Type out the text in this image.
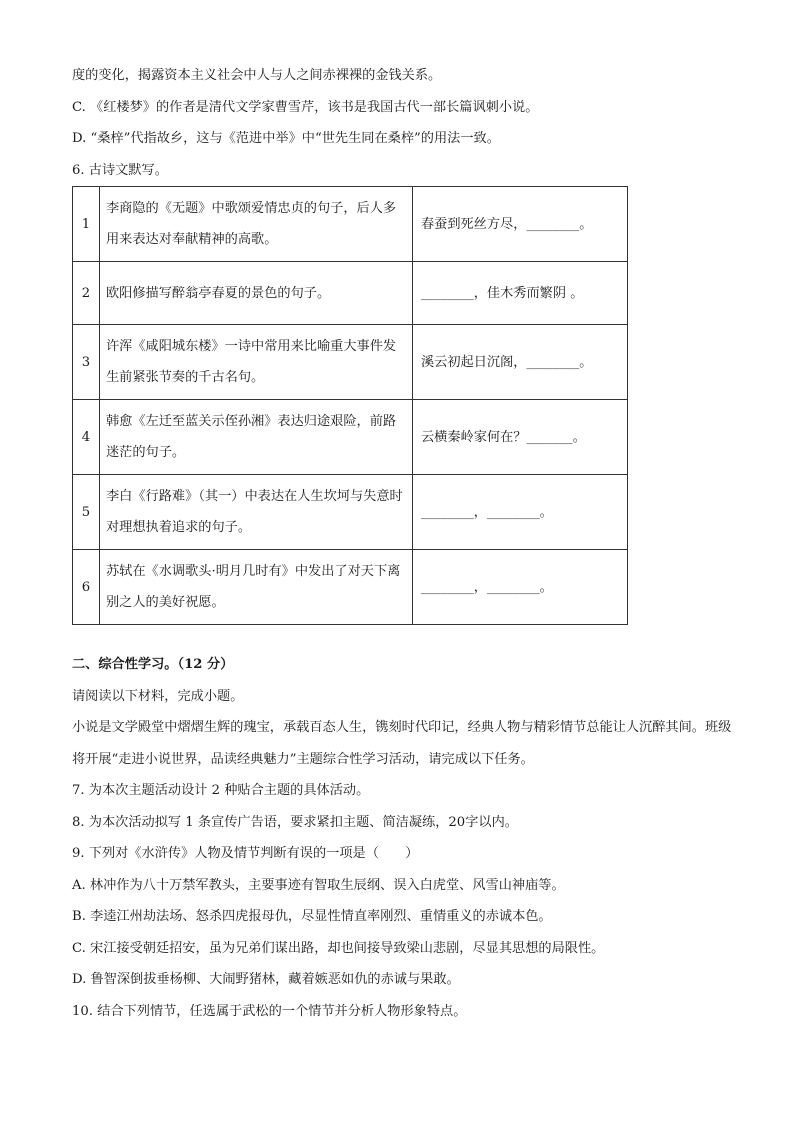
度的变化，揭露资本主义社会中人与人之间赤裸裸的金钱关系。
C. 《红楼梦》的作者是清代文学家曹雪芹，该书是我国古代一部长篇讽刺小说。
D. “桑梓”代指故乡，这与《范进中举》中“世先生同在桑梓”的用法一致。
6. 古诗文默写。
1	李商隐的《无题》中歌颂爱情忠贞的句子，后人多用来表达对奉献精神的高歌。	春蚕到死丝方尽，________。
2	欧阳修描写醉翁亭春夏的景色的句子。	________，佳木秀而繁阴 。
3	许浑《咸阳城东楼》一诗中常用来比喻重大事件发生前紧张节奏的千古名句。	溪云初起日沉阁，________。
4	韩愈《左迁至蓝关示侄孙湘》表达归途艰险，前路迷茫的句子。	云横秦岭家何在？_______。
5	李白《行路难》（其一）中表达在人生坎坷与失意时对理想执着追求的句子。	________，________。
6	苏轼在《水调歌头·明月几时有》中发出了对天下离别之人的美好祝愿。	________，________。
二、综合性学习。（12 分）
请阅读以下材料，完成小题。
小说是文学殿堂中熠熠生辉的瑰宝，承载百态人生，镌刻时代印记，经典人物与精彩情节总能让人沉醉其间。班级将开展“走进小说世界，品读经典魅力”主题综合性学习活动，请完成以下任务。
7. 为本次主题活动设计 2 种贴合主题的具体活动。
8. 为本次活动拟写 1 条宣传广告语，要求紧扣主题、简洁凝练，20字以内。
9. 下列对《水浒传》人物及情节判断有误的一项是（　　）
A. 林冲作为八十万禁军教头，主要事迹有智取生辰纲、误入白虎堂、风雪山神庙等。
B. 李逵江州劫法场、怒杀四虎报母仇，尽显性情直率刚烈、重情重义的赤诚本色。
C. 宋江接受朝廷招安，虽为兄弟们谋出路，却也间接导致梁山悲剧，尽显其思想的局限性。
D. 鲁智深倒拔垂杨柳、大闹野猪林，藏着嫉恶如仇的赤诚与果敢。
10. 结合下列情节，任选属于武松的一个情节并分析人物形象特点。
